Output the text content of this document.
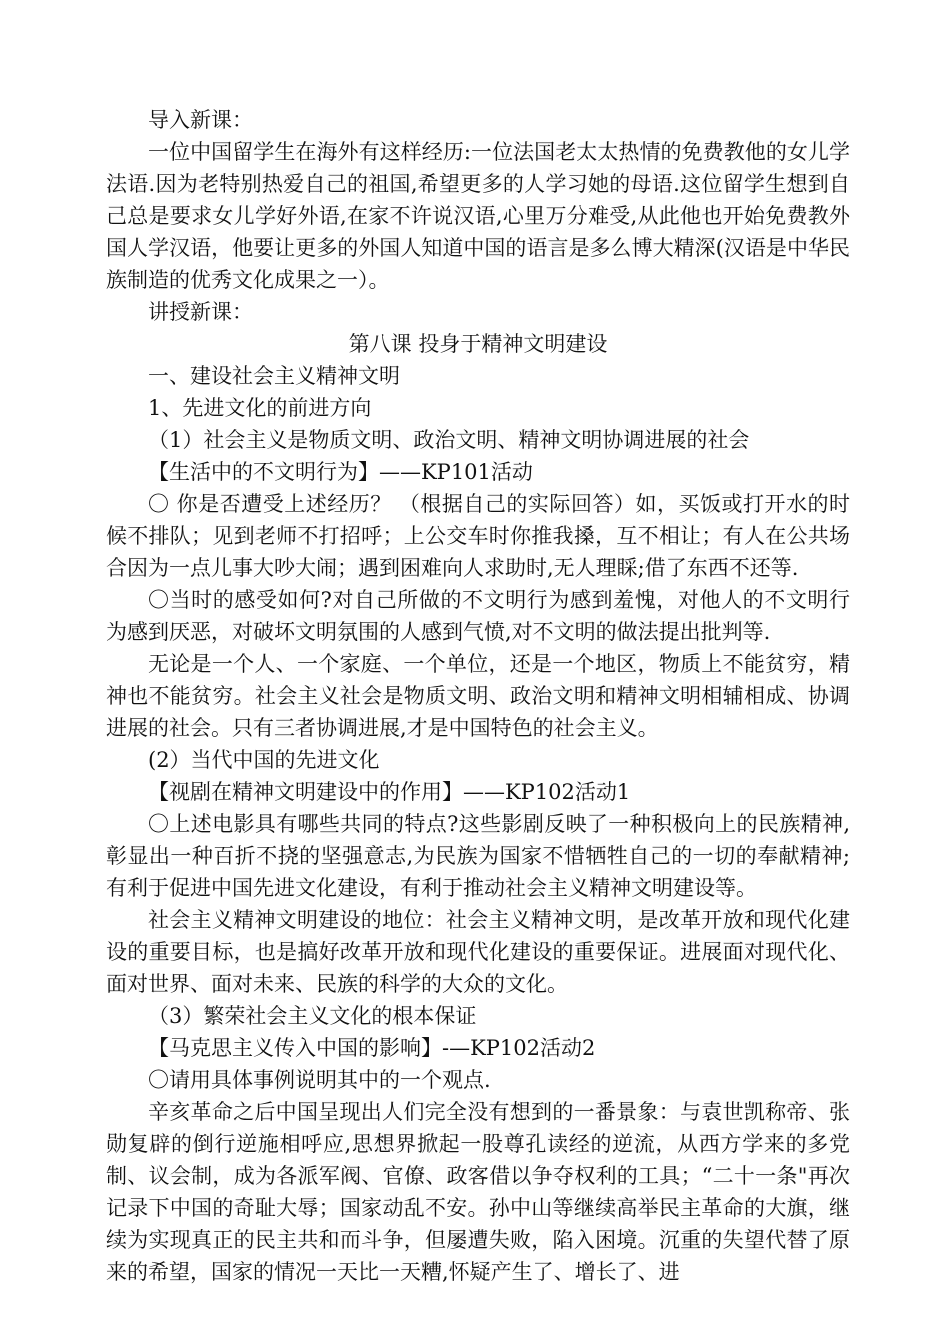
导入新课：

一位中国留学生在海外有这样经历:一位法国老太太热情的免费教他的女儿学法语.因为老特别热爱自己的祖国,希望更多的人学习她的母语.这位留学生想到自己总是要求女儿学好外语,在家不许说汉语,心里万分难受,从此他也开始免费教外国人学汉语，他要让更多的外国人知道中国的语言是多么博大精深(汉语是中华民族制造的优秀文化成果之一）。

讲授新课：

第八课 投身于精神文明建设

一、建设社会主义精神文明

1、先进文化的前进方向

（1）社会主义是物质文明、政治文明、精神文明协调进展的社会

【生活中的不文明行为】——KP101活动

〇 你是否遭受上述经历？ （根据自己的实际回答）如，买饭或打开水的时候不排队；见到老师不打招呼；上公交车时你推我搡，互不相让；有人在公共场合因为一点儿事大吵大闹；遇到困难向人求助时,无人理睬;借了东西不还等.

〇当时的感受如何?对自己所做的不文明行为感到羞愧，对他人的不文明行为感到厌恶，对破坏文明氛围的人感到气愤,对不文明的做法提出批判等.

无论是一个人、一个家庭、一个单位，还是一个地区，物质上不能贫穷，精神也不能贫穷。社会主义社会是物质文明、政治文明和精神文明相辅相成、协调进展的社会。只有三者协调进展,才是中国特色的社会主义。

(2）当代中国的先进文化

【视剧在精神文明建设中的作用】——KP102活动1

〇上述电影具有哪些共同的特点?这些影剧反映了一种积极向上的民族精神,彰显出一种百折不挠的坚强意志,为民族为国家不惜牺牲自己的一切的奉献精神;有利于促进中国先进文化建设，有利于推动社会主义精神文明建设等。

社会主义精神文明建设的地位：社会主义精神文明，是改革开放和现代化建设的重要目标，也是搞好改革开放和现代化建设的重要保证。进展面对现代化、面对世界、面对未来、民族的科学的大众的文化。

（3）繁荣社会主义文化的根本保证

【马克思主义传入中国的影响】-—KP102活动2

〇请用具体事例说明其中的一个观点.

辛亥革命之后中国呈现出人们完全没有想到的一番景象：与袁世凯称帝、张勋复辟的倒行逆施相呼应,思想界掀起一股尊孔读经的逆流，从西方学来的多党制、议会制，成为各派军阀、官僚、政客借以争夺权利的工具；“二十一条"再次记录下中国的奇耻大辱；国家动乱不安。孙中山等继续高举民主革命的大旗，继续为实现真正的民主共和而斗争，但屡遭失败，陷入困境。沉重的失望代替了原来的希望，国家的情况一天比一天糟,怀疑产生了、增长了、进
